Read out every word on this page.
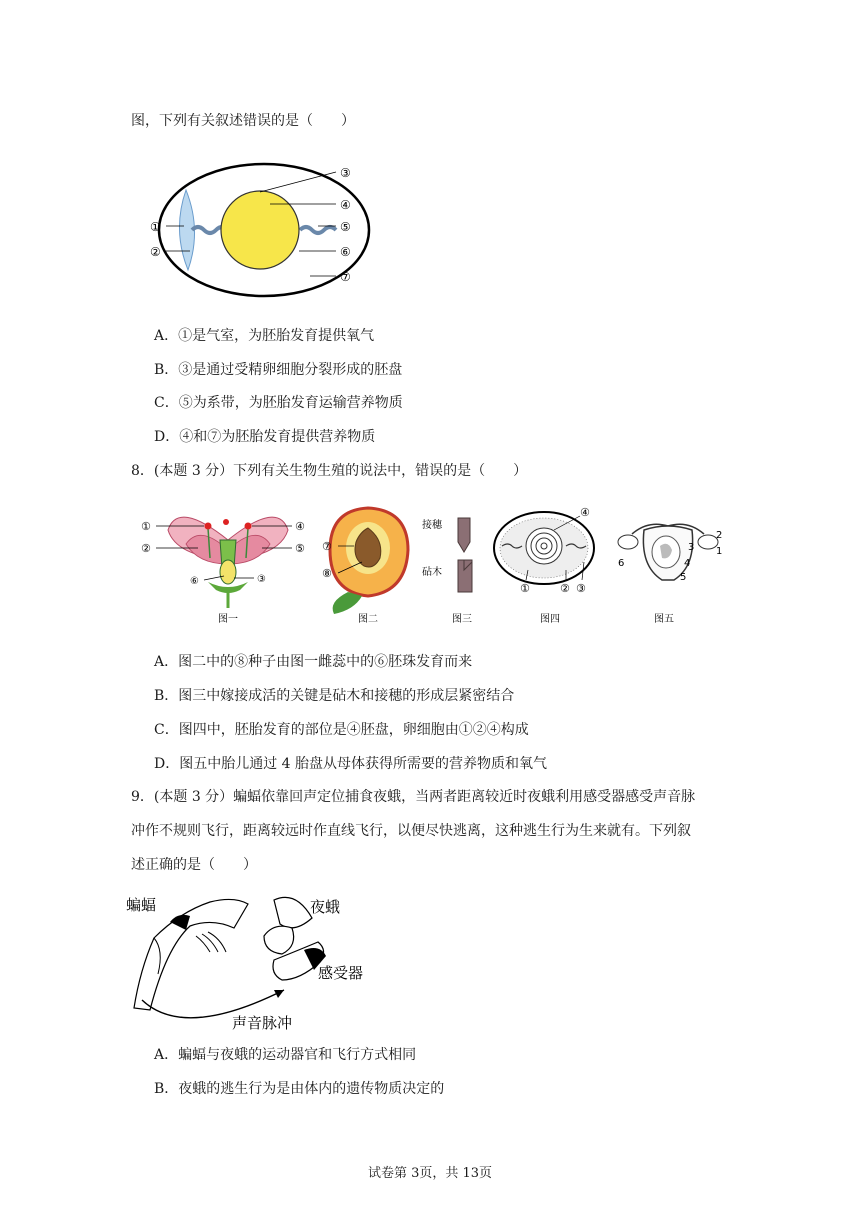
图，下列有关叙述错误的是（　　）
①
②
③
④
⑤
⑥
⑦
A．①是气室，为胚胎发育提供氧气
B．③是通过受精卵细胞分裂形成的胚盘
C．⑤为系带，为胚胎发育运输营养物质
D．④和⑦为胚胎发育提供营养物质
8．(本题 3 分）下列有关生物生殖的说法中，错误的是（　　）
①
②
④
⑤
⑥	③
图一
⑦
⑧
图二
接穗
砧木
图三
④
①	② ③
图四
2
1
3
4
5
6
图五
A．图二中的⑧种子由图一雌蕊中的⑥胚珠发育而来
B．图三中嫁接成活的关键是砧木和接穗的形成层紧密结合
C．图四中，胚胎发育的部位是④胚盘，卵细胞由①②④构成
D．图五中胎儿通过 4 胎盘从母体获得所需要的营养物质和氧气
9．(本题 3 分）蝙蝠依靠回声定位捕食夜蛾，当两者距离较近时夜蛾利用感受器感受声音脉
冲作不规则飞行，距离较远时作直线飞行，以便尽快逃离，这种逃生行为生来就有。下列叙
述正确的是（　　）
蝙蝠	夜蛾
感受器
声音脉冲
A．蝙蝠与夜蛾的运动器官和飞行方式相同
B．夜蛾的逃生行为是由体内的遗传物质决定的
试卷第 3页，共 13页
